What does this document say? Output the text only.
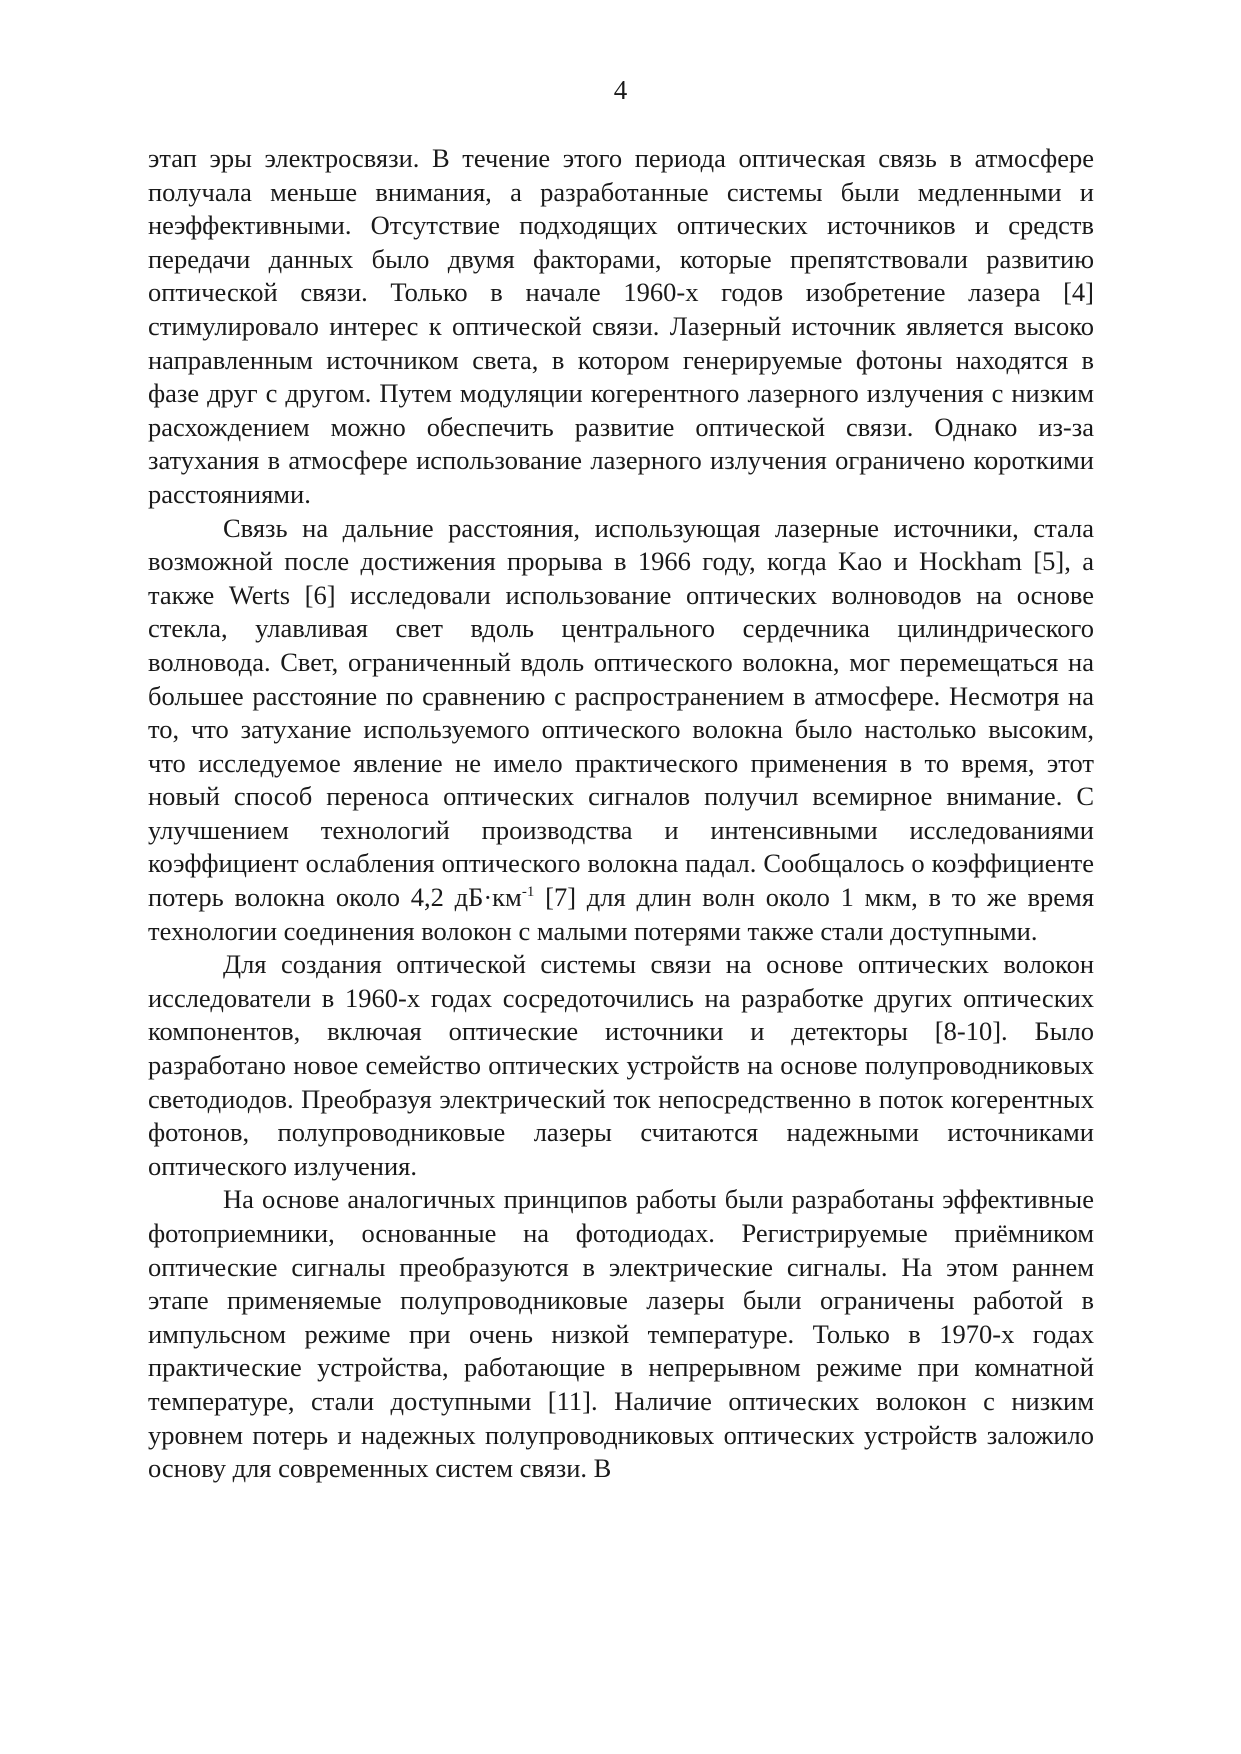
4

этап эры электросвязи. В течение этого периода оптическая связь в атмосфере получала меньше внимания, а разработанные системы были медленными и неэффективными. Отсутствие подходящих оптических источников и средств передачи данных было двумя факторами, которые препятствовали развитию оптической связи. Только в начале 1960-х годов изобретение лазера [4] стимулировало интерес к оптической связи. Лазерный источник является высоко направленным источником света, в котором генерируемые фотоны находятся в фазе друг с другом. Путем модуляции когерентного лазерного излучения с низким расхождением можно обеспечить развитие оптической связи. Однако из-за затухания в атмосфере использование лазерного излучения ограничено короткими расстояниями.

Связь на дальние расстояния, использующая лазерные источники, стала возможной после достижения прорыва в 1966 году, когда Kao и Hockham [5], а также Werts [6] исследовали использование оптических волноводов на основе стекла, улавливая свет вдоль центрального сердечника цилиндрического волновода. Свет, ограниченный вдоль оптического волокна, мог перемещаться на большее расстояние по сравнению с распространением в атмосфере. Несмотря на то, что затухание используемого оптического волокна было настолько высоким, что исследуемое явление не имело практического применения в то время, этот новый способ переноса оптических сигналов получил всемирное внимание. С улучшением технологий производства и интенсивными исследованиями коэффициент ослабления оптического волокна падал. Сообщалось о коэффициенте потерь волокна около 4,2 $дБ\cdot км^{-1}$ [7] для длин волн около 1 мкм, в то же время технологии соединения волокон с малыми потерями также стали доступными.

Для создания оптической системы связи на основе оптических волокон исследователи в 1960-х годах сосредоточились на разработке других оптических компонентов, включая оптические источники и детекторы [8-10]. Было разработано новое семейство оптических устройств на основе полупроводниковых светодиодов. Преобразуя электрический ток непосредственно в поток когерентных фотонов, полупроводниковые лазеры считаются надежными источниками оптического излучения.

На основе аналогичных принципов работы были разработаны эффективные фотоприемники, основанные на фотодиодах. Регистрируемые приёмником оптические сигналы преобразуются в электрические сигналы. На этом раннем этапе применяемые полупроводниковые лазеры были ограничены работой в импульсном режиме при очень низкой температуре. Только в 1970-х годах практические устройства, работающие в непрерывном режиме при комнатной температуре, стали доступными [11]. Наличие оптических волокон с низким уровнем потерь и надежных полупроводниковых оптических устройств заложило основу для современных систем связи. В
